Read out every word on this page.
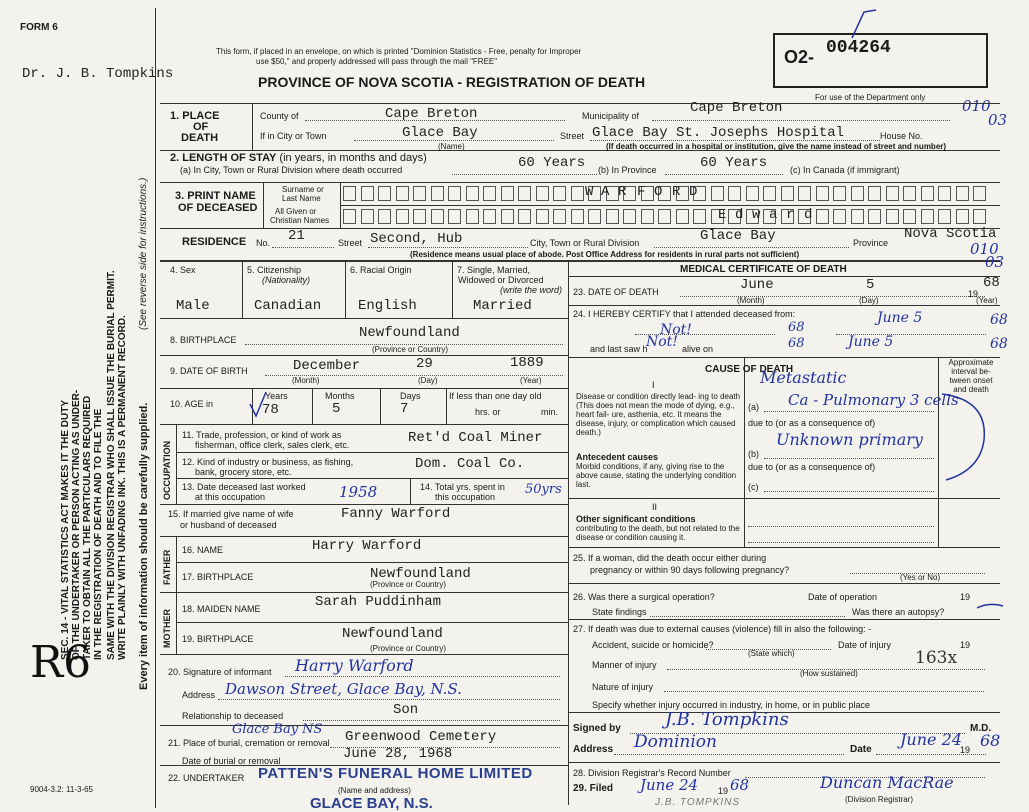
FORM 6
Dr. J. B. Tompkins
This form, if placed in an envelope, on which is printed "Dominion Statistics - Free, penalty for Improper
use $50," and properly addressed will pass through the mail "FREE"
PROVINCE OF NOVA SCOTIA - REGISTRATION OF DEATH
O2- 004264
For use of the Department only 010
03
SEC. 14 - VITAL STATISTICS ACT MAKES IT THE DUTY OF THE UNDERTAKER OR PERSON ACTING AS UNDER- TAKER TO OBTAIN ALL THE PARTICULARS REQUIRED IN THE REGISTRATION OF DEATH AND TO FILE THE SAME WITH THE DIVISION REGISTRAR WHO SHALL ISSUE THE BURIAL PERMIT. WRITE PLAINLY WITH UNFADING INK. THIS IS A PERMANENT RECORD.
(See reverse side for instructions.)
Every item of information should be carefully supplied.
R6
9004-3.2: 11-3-65
1. PLACE
OF
DEATH
County of	Cape Breton	Municipality of	Cape Breton
If in City or Town	Glace Bay
(Name)
Street Glace Bay St. Josephs Hospital	House No.
(If death occurred in a hospital or institution, give the name instead of street and number)
2. LENGTH OF STAY (in years, in months and days)
(a) In City, Town or Rural Division where death occurred	60 Years (b) In Province	60 Years	(c) In Canada (if immigrant)
3. PRINT NAME
OF DECEASED
Surname or
Last Name
All Given or
Christian Names
W A R F O R D
E d w a r d
RESIDENCE No. 21	Street Second, Hub	City, Town or Rural Division	Glace Bay	Province
Nova Scotia
(Residence means usual place of abode. Post Office Address for residents in rural parts not sufficient)	010
03
4. Sex
Male
5. Citizenship
(Nationality)
Canadian
6. Racial Origin
English
7. Single, Married,
Widowed or Divorced
(write the word)
Married
8. BIRTHPLACE	Newfoundland
(Province or Country)
9. DATE OF BIRTH	December	29	1889
(Month)	(Day)	(Year)
10. AGE in
Years	Months	Days	If less than one day old
hrs. or	min.
78	5	7
OCCUPATION
11. Trade, profession, or kind of work as
fisherman, office clerk, sales clerk, etc.	Ret'd Coal Miner
12. Kind of industry or business, as fishing,
bank, grocery store, etc.	Dom. Coal Co.
13. Date deceased last worked
at this occupation	1958	14. Total yrs. spent in
this occupation 50yrs
15. If married give name of wife
or husband of deceased
Fanny Warford
FATHER 16. NAME	Harry Warford
17. BIRTHPLACE	Newfoundland
(Province or Country)
MOTHER 18. MAIDEN NAME	Sarah Puddinham
19. BIRTHPLACE	Newfoundland
(Province or Country)
20. Signature of informant Harry Warford
Address Dawson Street, Glace Bay, N.S.
Relationship to deceased	Son
Glace Bay NS
21. Place of burial, cremation or removal Greenwood Cemetery
Date of burial or removal	June 28, 1968
22. UNDERTAKER PATTEN'S FUNERAL HOME LIMITED
(Name and address)
GLACE BAY, N.S.
MEDICAL CERTIFICATE OF DEATH
23. DATE OF DEATH	June	5
19
68
(Month)	(Day)	(Year)
24. I HEREBY CERTIFY that I attended deceased from:
Not!	68
June 5	68
and last saw h	alive on
Not!	68	June 5	68
CAUSE OF DEATH
Approximate interval be- tween onset and death
I
Disease or condition directly lead- ing to death (This does not mean the mode of dying, e.g., heart fail- ure, asthenia, etc. It means the disease, injury, or complication which caused death.)
(a)
Metastatic
Ca - Pulmonary 3 cells
due to (or as a consequence of)
Unknown primary
(b)
Antecedent causes
Morbid conditions, if any, giving rise to the above cause, stating the underlying condition last.
due to (or as a consequence of)
(c)
II
Other significant conditions
contributing to the death, but not related to the disease or condition causing it.
25. If a woman, did the death occur either during
pregnancy or within 90 days following pregnancy?
(Yes or No)
26. Was there a surgical operation?	Date of operation	19
State findings	Was there an autopsy?
27. If death was due to external causes (violence) fill in also the following: -
Accident, suicide or homicide?
(State which)
Date of injury	19
Manner of injury	163x
(How sustained)
Nature of injury
Specify whether injury occurred in industry, in home, or in public place
Signed by J.B. Tompkins	M.D.
Address Dominion	Date
June 24
19 68
28. Division Registrar's Record Number
29. Filed June 24 19 68	Duncan MacRae
(Division Registrar)
J.B. TOMPKINS
